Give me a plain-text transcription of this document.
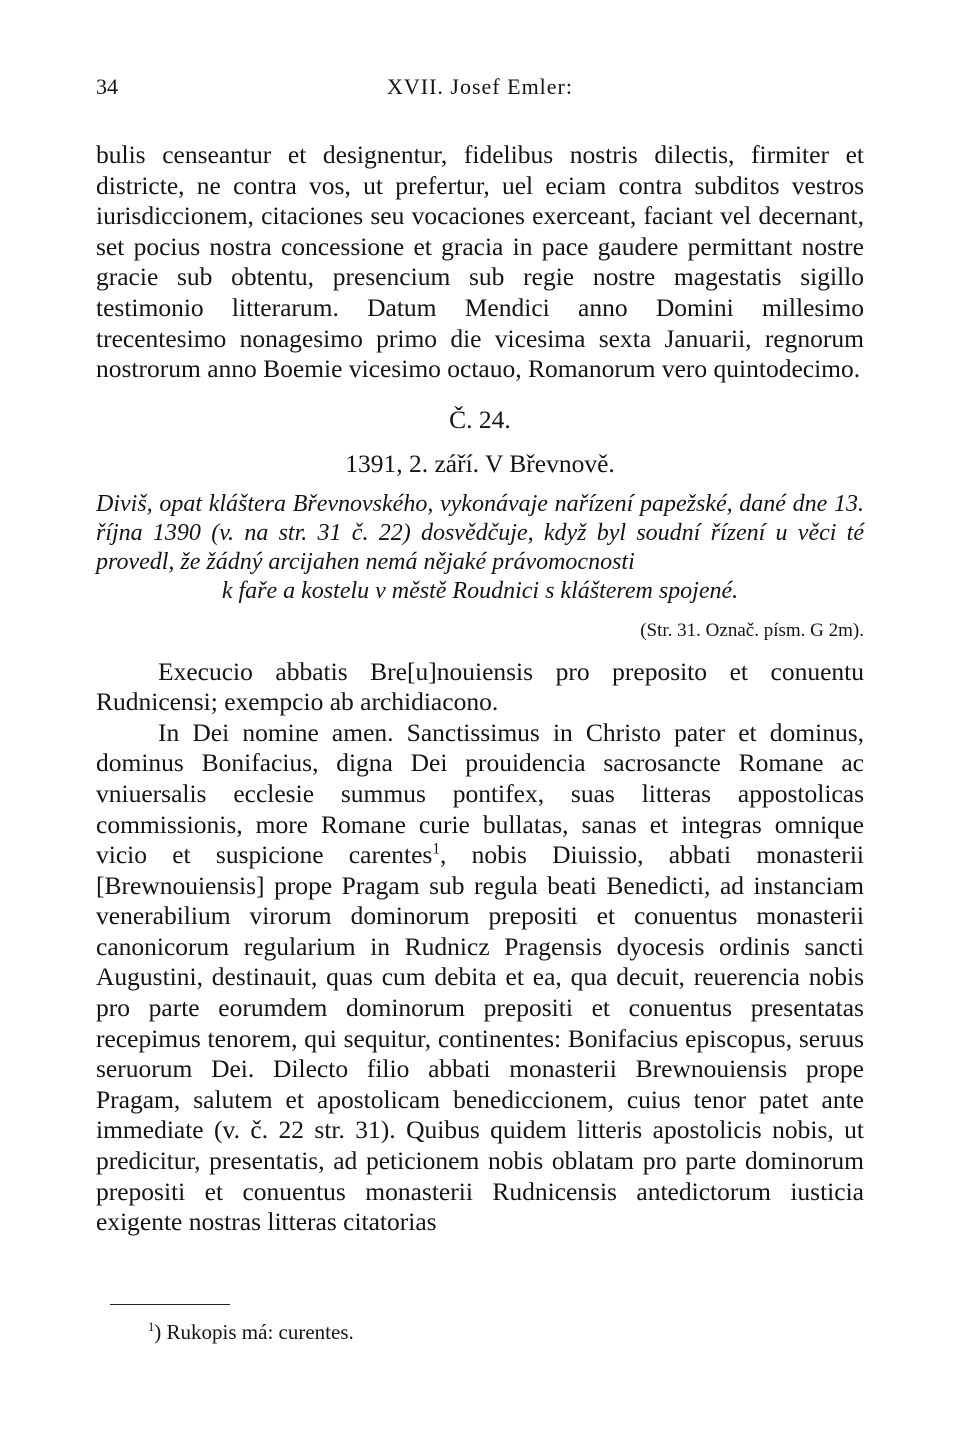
34	XVII. Josef Emler:

bulis censeantur et designentur, fidelibus nostris dilectis, firmiter et districte, ne contra vos, ut prefertur, uel eciam contra subditos vestros iurisdiccionem, citaciones seu vocaciones exerceant, faciant vel decernant, set pocius nostra concessione et gracia in pace gaudere permittant nostre gracie sub obtentu, presencium sub regie nostre magestatis sigillo testimonio litterarum. Datum Mendici anno Domini millesimo trecentesimo nonagesimo primo die vicesima sexta Januarii, regnorum nostrorum anno Boemie vicesimo octauo, Romanorum vero quintodecimo.

Č. 24.
1391, 2. září. V Břevnově.
Diviš, opat kláštera Břevnovského, vykonávaje nařízení papežské, dané dne 13. října 1390 (v. na str. 31 č. 22) dosvědčuje, když byl soudní řízení u věci té provedl, že žádný arcijahen nemá nějaké právomocnosti
k faře a kostelu v městě Roudnici s klášterem spojené.
(Str. 31. Označ. písm. G 2m).

Execucio abbatis Bre[u]nouiensis pro preposito et conuentu Rudnicensi; exempcio ab archidiacono.

In Dei nomine amen. Sanctissimus in Christo pater et dominus, dominus Bonifacius, digna Dei prouidencia sacrosancte Romane ac vniuersalis ecclesie summus pontifex, suas litteras appostolicas commissionis, more Romane curie bullatas, sanas et integras omnique vicio et suspicione carentes$^1$, nobis Diuissio, abbati monasterii [Brewnouiensis] prope Pragam sub regula beati Benedicti, ad instanciam venerabilium virorum dominorum prepositi et conuentus monasterii canonicorum regularium in Rudnicz Pragensis dyocesis ordinis sancti Augustini, destinauit, quas cum debita et ea, qua decuit, reuerencia nobis pro parte eorumdem dominorum prepositi et conuentus presentatas recepimus tenorem, qui sequitur, continentes: Bonifacius episcopus, seruus seruorum Dei. Dilecto filio abbati monasterii Brewnouiensis prope Pragam, salutem et apostolicam benediccionem, cuius tenor patet ante immediate (v. č. 22 str. 31). Quibus quidem litteris apostolicis nobis, ut predicitur, presentatis, ad peticionem nobis oblatam pro parte dominorum prepositi et conuentus monasterii Rudnicensis antedictorum iusticia exigente nostras litteras citatorias

$^1$) Rukopis má: curentes.
